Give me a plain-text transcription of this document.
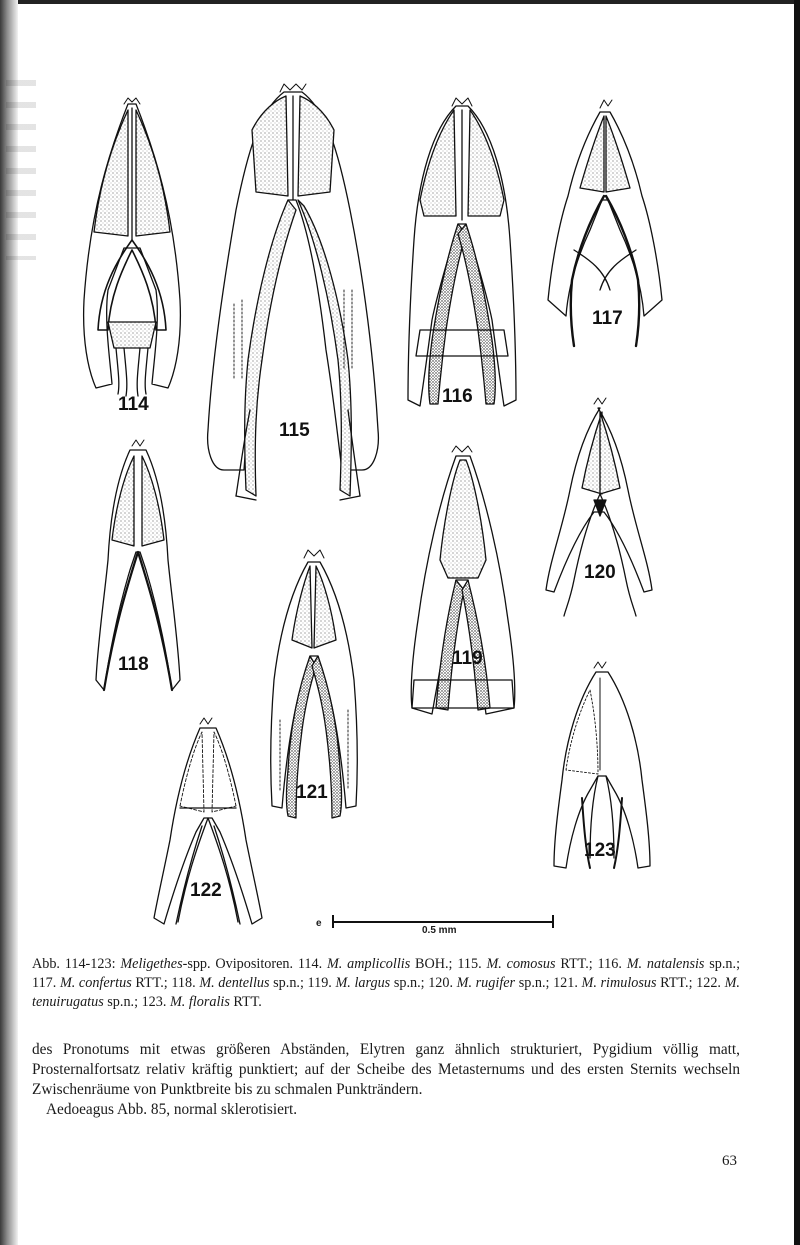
114
115
116
117
118	119
120
121
122
123
e
0.5 mm
Abb. 114-123: Meligethes-spp. Ovipositoren. 114. M. amplicollis BOH.; 115. M. comosus RTT.; 116. M. natalensis sp.n.; 117. M. confertus RTT.; 118. M. dentellus sp.n.; 119. M. largus sp.n.; 120. M. rugifer sp.n.; 121. M. rimulosus RTT.; 122. M. tenuirugatus sp.n.; 123. M. floralis RTT.

des Pronotums mit etwas größeren Abständen, Elytren ganz ähnlich strukturiert, Pygidium völlig matt, Prosternalfortsatz relativ kräftig punktiert; auf der Scheibe des Metasternums und des ersten Sternits wechseln Zwischenräume von Punktbreite bis zu schmalen Punkträndern.

Aedoeagus Abb. 85, normal sklerotisiert.

63
